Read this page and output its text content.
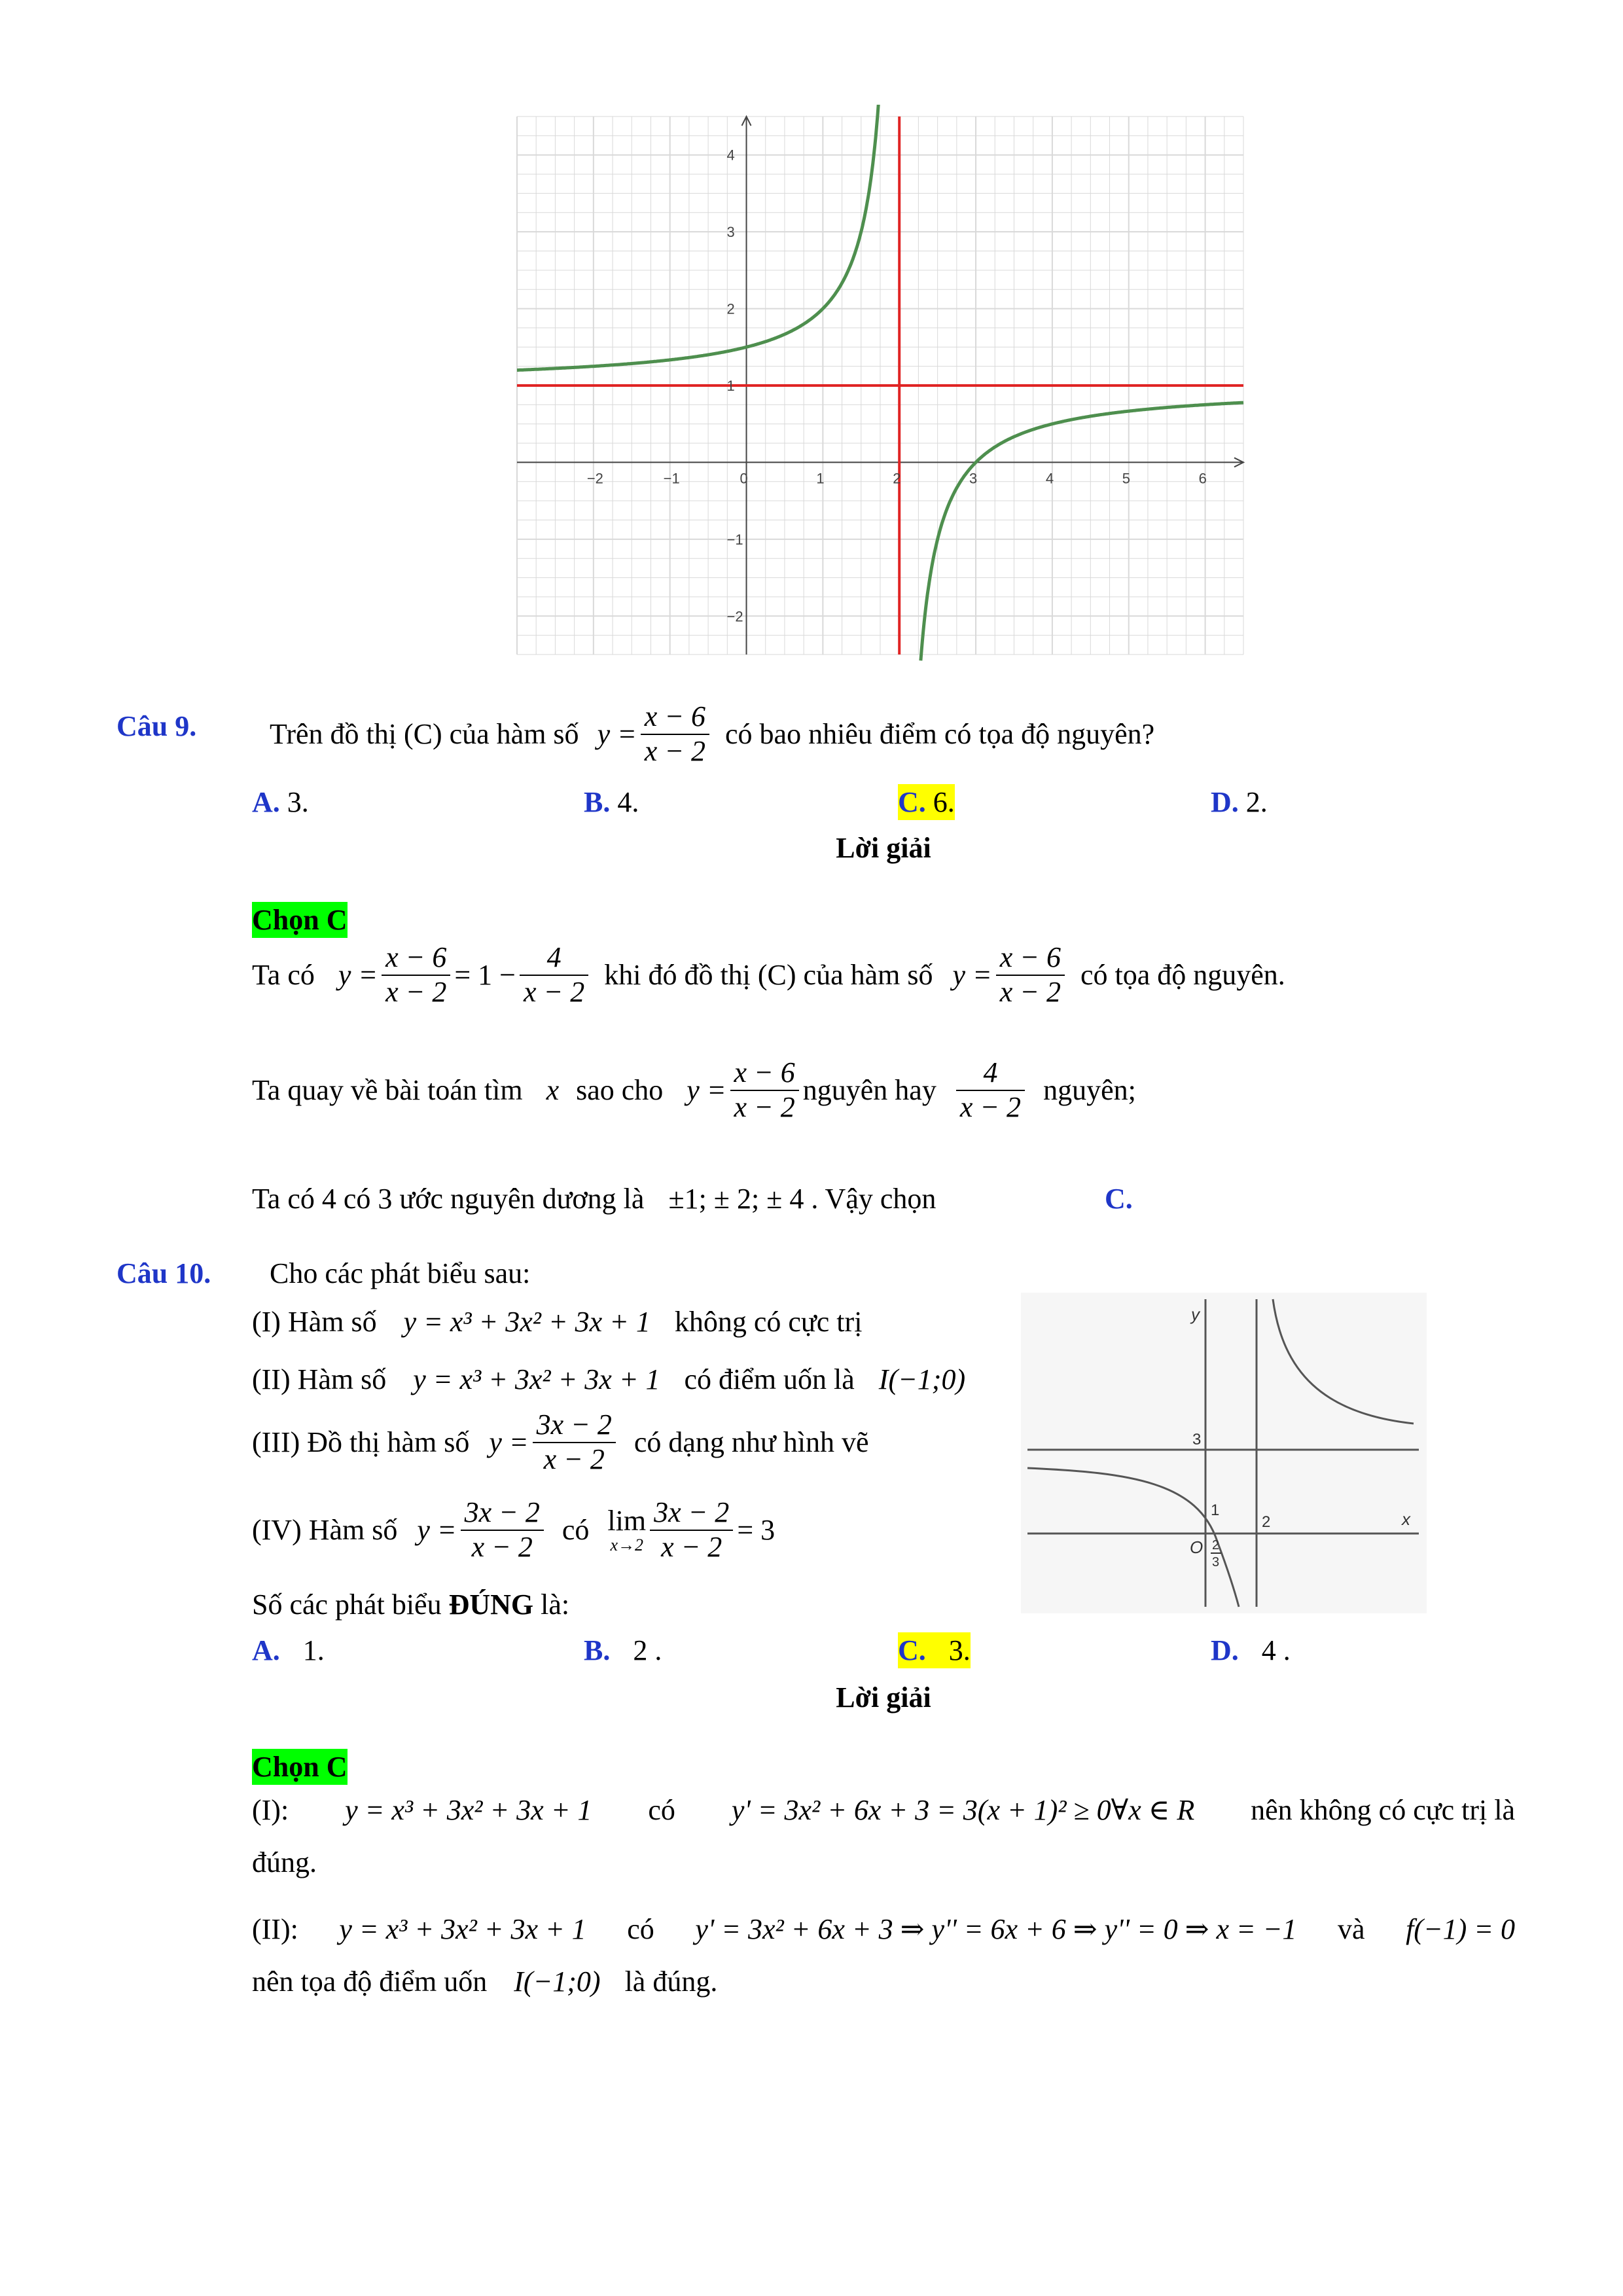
−2	−1	0	1	2	3	4	5	6
4
3
2
1
−1
−2
Câu 9.	Trên đồ thị (C) của hàm số $y = \frac{x - 6}{x - 2}$ có bao nhiêu điểm có tọa độ nguyên?
A. 3.	B. 4.	C. 6.	D. 2.
Lời giải
Chọn C
Ta có $y = \frac{x - 6}{x - 2} = 1 - \frac{4}{x - 2}$ khi đó đồ thị (C) của hàm số $y = \frac{x - 6}{x - 2}$ có tọa độ nguyên.
Ta quay về bài toán tìm x sao cho $y = \frac{x - 6}{x - 2}$ nguyên hay $\frac{4}{x - 2}$ nguyên;
Ta có 4 có 3 ước nguyên dương là ±1; ± 2; ± 4 . Vậy chọn	C.
Câu 10. Cho các phát biểu sau:
(I) Hàm số y = x³ + 3x² + 3x + 1 không có cực trị
(II) Hàm số y = x³ + 3x² + 3x + 1 có điểm uốn là I(−1;0)
(III) Đồ thị hàm số $y = \frac{3x - 2}{x - 2}$ có dạng như hình vẽ
(IV) Hàm số $y = \frac{3x - 2}{x - 2}$ có lim
$x\to 2 \frac{3x - 2}{x - 2} = 3$
Số các phát biểu ĐÚNG là:
A. 1.	B. 2 .	C. 3.	D. 4 .
Lời giải
Chọn C
(I): y = x³ + 3x² + 3x + 1 có y' = 3x² + 6x + 3 = 3(x + 1)² ≥ 0∀x ∈ R nên không có cực trị là
đúng.
(II): y = x³ + 3x² + 3x + 1 có y' = 3x² + 6x + 3 ⇒ y'' = 6x + 6 ⇒ y'' = 0 ⇒ x = −1 và f(−1) = 0
nên tọa độ điểm uốn I(−1;0) là đúng.
y
x
3
1
2
O 2
3
